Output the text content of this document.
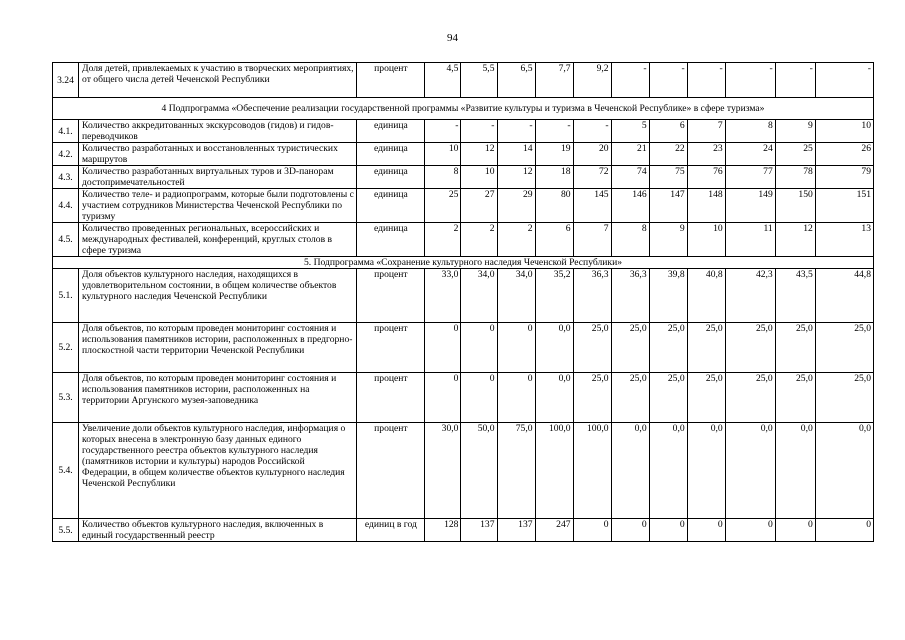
94
3.24	Доля детей, привлекаемых к участию в творческих мероприятиях, от общего числа детей Чеченской Республики	процент	4,5	5,5	6,5	7,7	9,2	-	-	-	-	-	-
4 Подпрограмма «Обеспечение реализации государственной программы «Развитие культуры и туризма в Чеченской Республике» в сфере туризма»													
4.1.	Количество аккредитованных экскурсоводов (гидов) и гидов-переводчиков	единица	-	-	-	-	-	5	6	7	8	9	10
4.2.	Количество разработанных и восстановленных туристических маршрутов	единица	10	12	14	19	20	21	22	23	24	25	26
4.3.	Количество разработанных виртуальных туров и 3D-панорам достопримечательностей	единица	8	10	12	18	72	74	75	76	77	78	79
4.4.	Количество теле- и радиопрограмм, которые были подготовлены с участием сотрудников Министерства Чеченской Республики по туризму	единица	25	27	29	80	145	146	147	148	149	150	151
4.5.	Количество проведенных региональных, всероссийских и международных фестивалей, конференций, круглых столов в сфере туризма	единица	2	2	2	6	7	8	9	10	11	12	13
5. Подпрограмма «Сохранение культурного наследия Чеченской Республики»													
5.1.	Доля объектов культурного наследия, находящихся в удовлетворительном состоянии, в общем количестве объектов культурного наследия Чеченской Республики	процент	33,0	34,0	34,0	35,2	36,3	36,3	39,8	40,8	42,3	43,5	44,8
5.2.	Доля объектов, по которым проведен мониторинг состояния и использования памятников истории, расположенных в предгорно-плоскостной части территории Чеченской Республики	процент	0	0	0	0,0	25,0	25,0	25,0	25,0	25,0	25,0	25,0
5.3.	Доля объектов, по которым проведен мониторинг состояния и использования памятников истории, расположенных на территории Аргунского музея-заповедника	процент	0	0	0	0,0	25,0	25,0	25,0	25,0	25,0	25,0	25,0
5.4.	Увеличение доли объектов культурного наследия, информация о которых внесена в электронную базу данных единого государственного реестра объектов культурного наследия (памятников истории и культуры) народов Российской Федерации, в общем количестве объектов культурного наследия Чеченской Республики	процент	30,0	50,0	75,0	100,0	100,0	0,0	0,0	0,0	0,0	0,0	0,0
5.5.	Количество объектов культурного наследия, включенных в единый государственный реестр	единиц в год	128	137	137	247	0	0	0	0	0	0	0
